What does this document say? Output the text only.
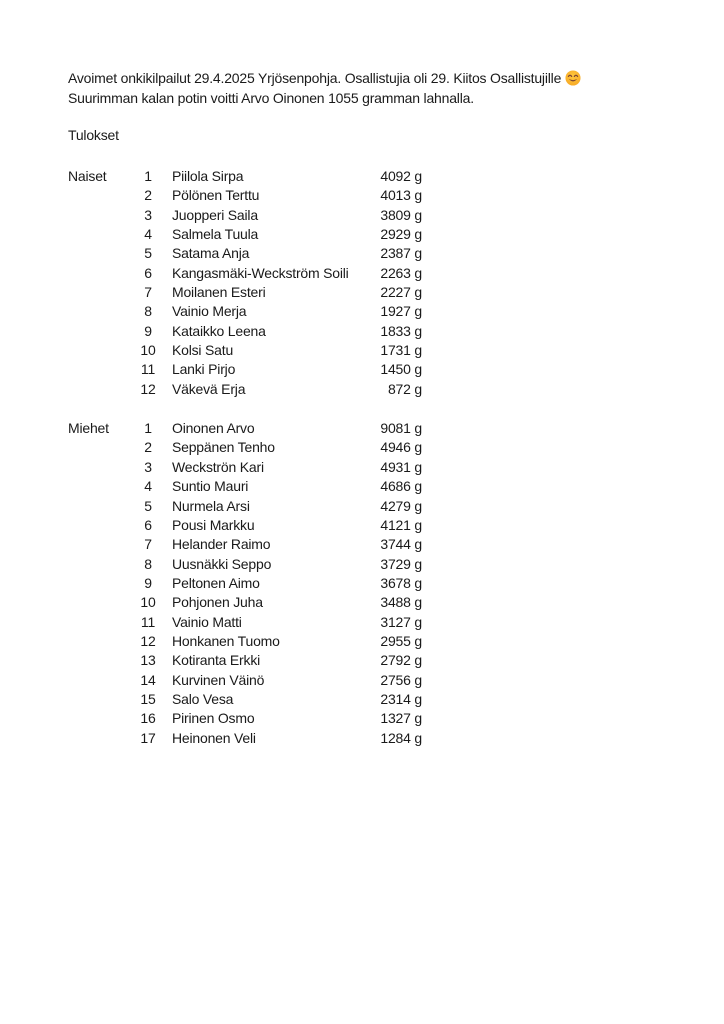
Avoimet onkikilpailut 29.4.2025 Yrjösenpohja. Osallistujia oli 29. Kiitos Osallistujille
Suurimman kalan potin voitti Arvo Oinonen 1055 gramman lahnalla.
Tulokset
Naiset	1	Piilola Sirpa	4092 g
2	Pölönen Terttu	4013 g
3	Juopperi Saila	3809 g
4	Salmela Tuula	2929 g
5	Satama Anja	2387 g
6	Kangasmäki-Weckström Soili	2263 g
7	Moilanen Esteri	2227 g
8	Vainio Merja	1927 g
9	Kataikko Leena	1833 g
10	Kolsi Satu	1731 g
11	Lanki Pirjo	1450 g
12	Väkevä Erja	872 g
Miehet	1	Oinonen Arvo	9081 g
2	Seppänen Tenho	4946 g
3	Weckströn Kari	4931 g
4	Suntio Mauri	4686 g
5	Nurmela Arsi	4279 g
6	Pousi Markku	4121 g
7	Helander Raimo	3744 g
8	Uusnäkki Seppo	3729 g
9	Peltonen Aimo	3678 g
10	Pohjonen Juha	3488 g
11	Vainio Matti	3127 g
12	Honkanen Tuomo	2955 g
13	Kotiranta Erkki	2792 g
14	Kurvinen Väinö	2756 g
15	Salo Vesa	2314 g
16	Pirinen Osmo	1327 g
17	Heinonen Veli	1284 g
